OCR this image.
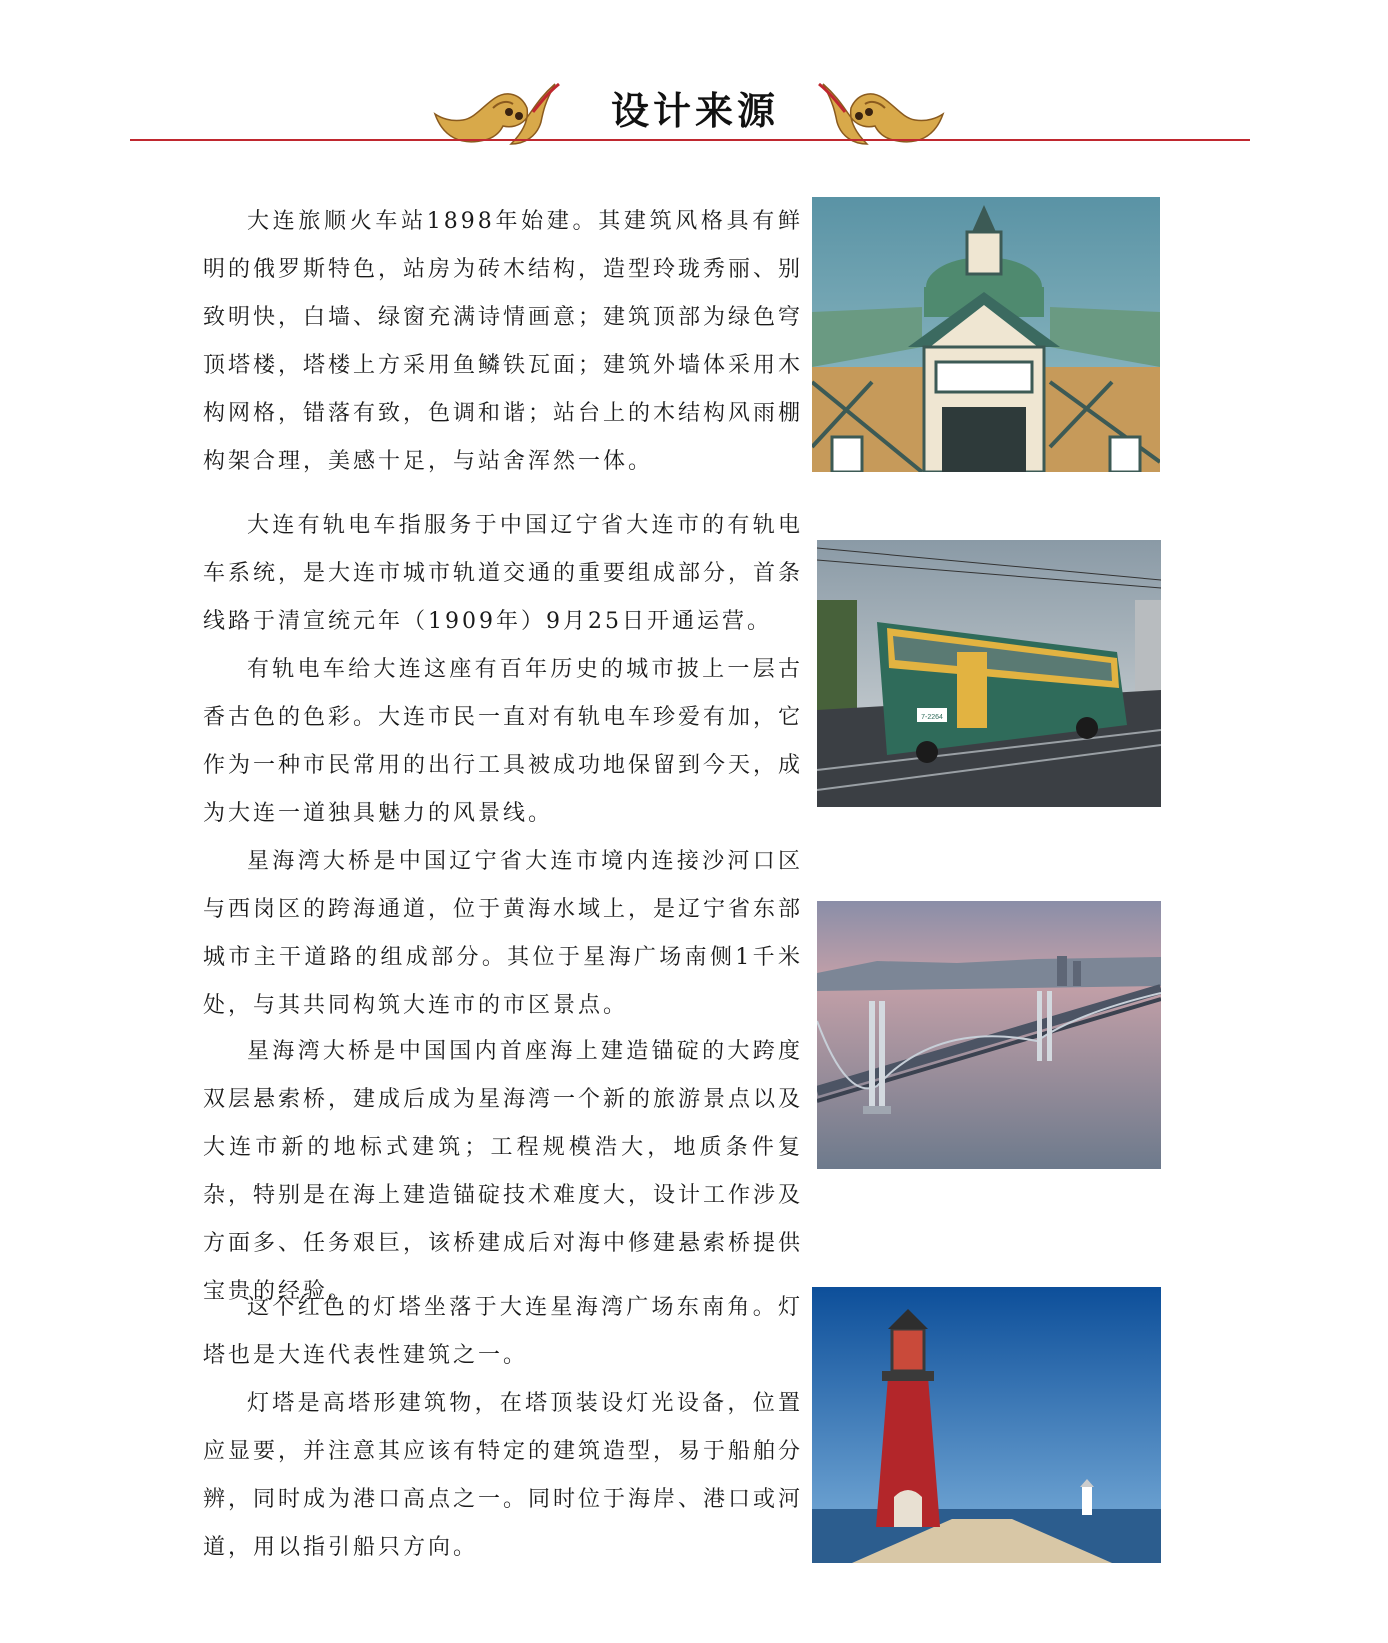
设计来源

大连旅顺火车站1898年始建。其建筑风格具有鲜明的俄罗斯特色，站房为砖木结构，造型玲珑秀丽、别致明快，白墙、绿窗充满诗情画意；建筑顶部为绿色穹顶塔楼，塔楼上方采用鱼鳞铁瓦面；建筑外墙体采用木构网格，错落有致，色调和谐；站台上的木结构风雨棚构架合理，美感十足，与站舍浑然一体。

大连有轨电车指服务于中国辽宁省大连市的有轨电车系统，是大连市城市轨道交通的重要组成部分，首条线路于清宣统元年（1909年）9月25日开通运营。

有轨电车给大连这座有百年历史的城市披上一层古香古色的色彩。大连市民一直对有轨电车珍爱有加，它作为一种市民常用的出行工具被成功地保留到今天，成为大连一道独具魅力的风景线。

7-2264

星海湾大桥是中国辽宁省大连市境内连接沙河口区与西岗区的跨海通道，位于黄海水域上，是辽宁省东部城市主干道路的组成部分。其位于星海广场南侧1千米处，与其共同构筑大连市的市区景点。

星海湾大桥是中国国内首座海上建造锚碇的大跨度双层悬索桥，建成后成为星海湾一个新的旅游景点以及大连市新的地标式建筑；工程规模浩大，地质条件复杂，特别是在海上建造锚碇技术难度大，设计工作涉及方面多、任务艰巨，该桥建成后对海中修建悬索桥提供宝贵的经验。

这个红色的灯塔坐落于大连星海湾广场东南角。灯塔也是大连代表性建筑之一。

灯塔是高塔形建筑物，在塔顶装设灯光设备，位置应显要，并注意其应该有特定的建筑造型，易于船舶分辨，同时成为港口高点之一。同时位于海岸、港口或河道，用以指引船只方向。
